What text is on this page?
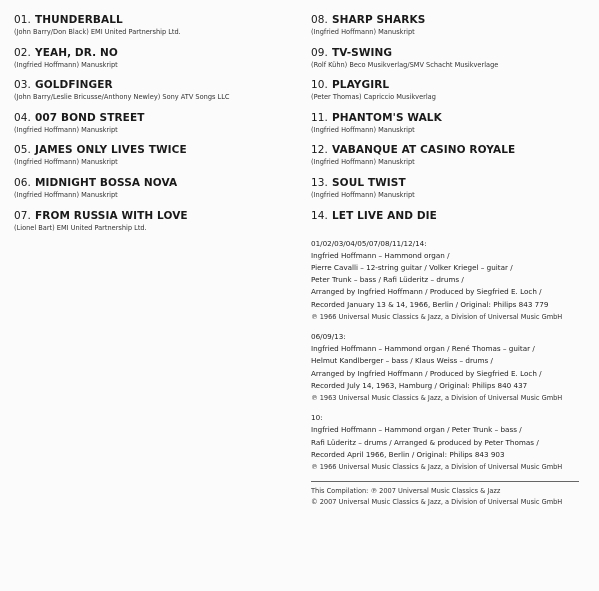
01. THUNDERBALL
(John Barry/Don Black) EMI United Partnership Ltd.
02. YEAH, DR. NO
(Ingfried Hoffmann) Manuskript
03. GOLDFINGER
(John Barry/Leslie Bricusse/Anthony Newley) Sony ATV Songs LLC
04. 007 BOND STREET
(Ingfried Hoffmann) Manuskript
05. JAMES ONLY LIVES TWICE
(Ingfried Hoffmann) Manuskript
06. MIDNIGHT BOSSA NOVA
(Ingfried Hoffmann) Manuskript
07. FROM RUSSIA WITH LOVE
(Lionel Bart) EMI United Partnership Ltd.
08. SHARP SHARKS
(Ingfried Hoffmann) Manuskript
09. TV-SWING
(Rolf Kühn) Beco Musikverlag/SMV Schacht Musikverlage
10. PLAYGIRL
(Peter Thomas) Capriccio Musikverlag
11. PHANTOM'S WALK
(Ingfried Hoffmann) Manuskript
12. VABANQUE AT CASINO ROYALE
(Ingfried Hoffmann) Manuskript
13. SOUL TWIST
(Ingfried Hoffmann) Manuskript
14. LET LIVE AND DIE
01/02/03/04/05/07/08/11/12/14:
Ingfried Hoffmann – Hammond organ /
Pierre Cavalli – 12-string guitar / Volker Kriegel – guitar /
Peter Trunk – bass / Rafi Lüderitz – drums /
Arranged by Ingfried Hoffmann / Produced by Siegfried E. Loch /
Recorded January 13 & 14, 1966, Berlin / Original: Philips 843 779
℗ 1966 Universal Music Classics & Jazz, a Division of Universal Music GmbH
06/09/13:
Ingfried Hoffmann – Hammond organ / René Thomas – guitar /
Helmut Kandlberger – bass / Klaus Weiss – drums /
Arranged by Ingfried Hoffmann / Produced by Siegfried E. Loch /
Recorded July 14, 1963, Hamburg / Original: Philips 840 437
℗ 1963 Universal Music Classics & Jazz, a Division of Universal Music GmbH
10:
Ingfried Hoffmann – Hammond organ / Peter Trunk – bass /
Rafi Lüderitz – drums / Arranged & produced by Peter Thomas /
Recorded April 1966, Berlin / Original: Philips 843 903
℗ 1966 Universal Music Classics & Jazz, a Division of Universal Music GmbH
This Compilation: ℗ 2007 Universal Music Classics & Jazz
© 2007 Universal Music Classics & Jazz, a Division of Universal Music GmbH
